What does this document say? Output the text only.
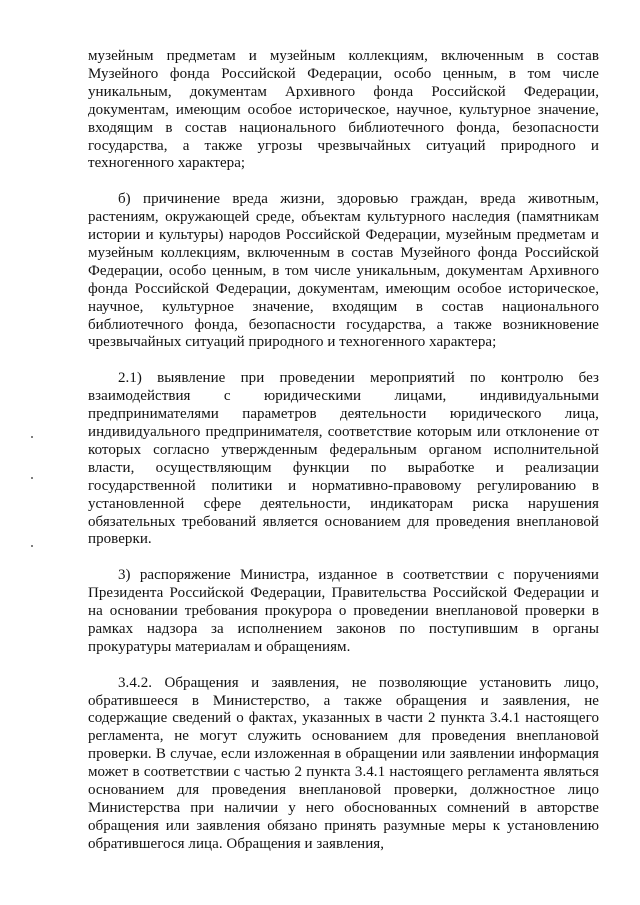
музейным предметам и музейным коллекциям, включенным в состав Музейного фонда Российской Федерации, особо ценным, в том числе уникальным, документам Архивного фонда Российской Федерации, документам, имеющим особое историческое, научное, культурное значение, входящим в состав национального библиотечного фонда, безопасности государства, а также угрозы чрезвычайных ситуаций природного и техногенного характера;

б) причинение вреда жизни, здоровью граждан, вреда животным, растениям, окружающей среде, объектам культурного наследия (памятникам истории и культуры) народов Российской Федерации, музейным предметам и музейным коллекциям, включенным в состав Музейного фонда Российской Федерации, особо ценным, в том числе уникальным, документам Архивного фонда Российской Федерации, документам, имеющим особое историческое, научное, культурное значение, входящим в состав национального библиотечного фонда, безопасности государства, а также возникновение чрезвычайных ситуаций природного и техногенного характера;

2.1) выявление при проведении мероприятий по контролю без взаимодействия с юридическими лицами, индивидуальными предпринимателями параметров деятельности юридического лица, индивидуального предпринимателя, соответствие которым или отклонение от которых согласно утвержденным федеральным органом исполнительной власти, осуществляющим функции по выработке и реализации государственной политики и нормативно-правовому регулированию в установленной сфере деятельности, индикаторам риска нарушения обязательных требований является основанием для проведения внеплановой проверки.

3) распоряжение Министра, изданное в соответствии с поручениями Президента Российской Федерации, Правительства Российской Федерации и на основании требования прокурора о проведении внеплановой проверки в рамках надзора за исполнением законов по поступившим в органы прокуратуры материалам и обращениям.

3.4.2. Обращения и заявления, не позволяющие установить лицо, обратившееся в Министерство, а также обращения и заявления, не содержащие сведений о фактах, указанных в части 2 пункта 3.4.1 настоящего регламента, не могут служить основанием для проведения внеплановой проверки. В случае, если изложенная в обращении или заявлении информация может в соответствии с частью 2 пункта 3.4.1 настоящего регламента являться основанием для проведения внеплановой проверки, должностное лицо Министерства при наличии у него обоснованных сомнений в авторстве обращения или заявления обязано принять разумные меры к установлению обратившегося лица. Обращения и заявления,
